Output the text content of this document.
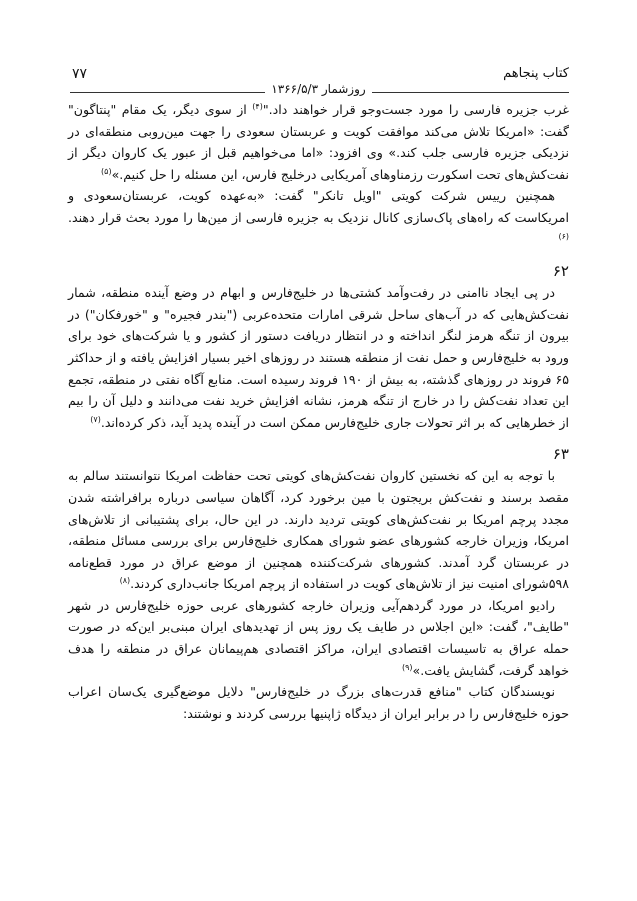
کتاب پنجاهم
۷۷
روزشمار ۱۳۶۶/۵/۳

غرب جزیره فارسی را مورد جست‌وجو قرار خواهند داد."$^{(۴)}$ از سوی دیگر، یک مقام "پنتاگون" گفت: «امریکا تلاش می‌کند موافقت کویت و عربستان سعودی را جهت مین‌روبی منطقه‌ای در نزدیکی جزیره فارسی جلب کند.» وی افزود: «اما می‌خواهیم قبل از عبور یک کاروان دیگر از نفت‌کش‌های تحت اسکورت رزمناوهای آمریکایی درخلیج فارس، این مسئله را حل کنیم.»$^{(۵)}$

همچنین رییس شرکت کویتی "اویل تانکر" گفت: «به‌عهده کویت، عربستان‌سعودی و امریکاست که راه‌های پاک‌سازی کانال نزدیک به جزیره فارسی از مین‌ها را مورد بحث قرار دهند.$^{(۶)}$

۶۲

در پی ایجاد ناامنی در رفت‌وآمد کشتی‌ها در خلیج‌فارس و ابهام در وضع آینده منطقه، شمار نفت‌کش‌هایی که در آب‌های ساحل شرقی امارات متحده‌عربی ("بندر فجیره" و "خورفکان") در بیرون از تنگه هرمز لنگر انداخته و در انتظار دریافت دستور از کشور و یا شرکت‌های خود برای ورود به خلیج‌فارس و حمل نفت از منطقه هستند در روزهای اخیر بسیار افزایش یافته و از حداکثر ۶۵ فروند در روزهای گذشته، به بیش از ۱۹۰ فروند رسیده است. منابع آگاه نفتی در منطقه، تجمع این تعداد نفت‌کش را در خارج از تنگه هرمز، نشانه افزایش خرید نفت می‌دانند و دلیل آن را بیم از خطرهایی که بر اثر تحولات جاری خلیج‌فارس ممکن است در آینده پدید آید، ذکر کرده‌اند.$^{(۷)}$

۶۳

با توجه به این که نخستین کاروان نفت‌کش‌های کویتی تحت حفاظت امریکا نتوانستند سالم به مقصد برسند و نفت‌کش بریجتون با مین برخورد کرد، آگاهان سیاسی درباره برافراشته شدن مجدد پرچم امریکا بر نفت‌کش‌های کویتی تردید دارند. در این حال، برای پشتیبانی از تلاش‌های امریکا، وزیران خارجه کشورهای عضو شورای همکاری خلیج‌فارس برای بررسی مسائل منطقه، در عربستان گرد آمدند. کشورهای شرکت‌کننده همچنین از موضع عراق در مورد قطع‌نامه ۵۹۸شورای امنیت نیز از تلاش‌های کویت در استفاده از پرچم امریکا جانب‌داری کردند.$^{(۸)}$

رادیو امریکا، در مورد گردهم‌آیی وزیران خارجه کشورهای عربی حوزه خلیج‌فارس در شهر "طایف"، گفت: «این اجلاس در طایف یک روز پس از تهدیدهای ایران مبنی‌بر این‌که در صورت حمله عراق به تاسیسات اقتصادی ایران، مراکز اقتصادی هم‌پیمانان عراق در منطقه را هدف خواهد گرفت، گشایش یافت.»$^{(۹)}$

نویسندگان کتاب "منافع قدرت‌های بزرگ در خلیج‌فارس" دلایل موضع‌گیری یک‌سان اعراب حوزه خلیج‌فارس را در برابر ایران از دیدگاه ژاپنیها بررسی کردند و نوشتند:
